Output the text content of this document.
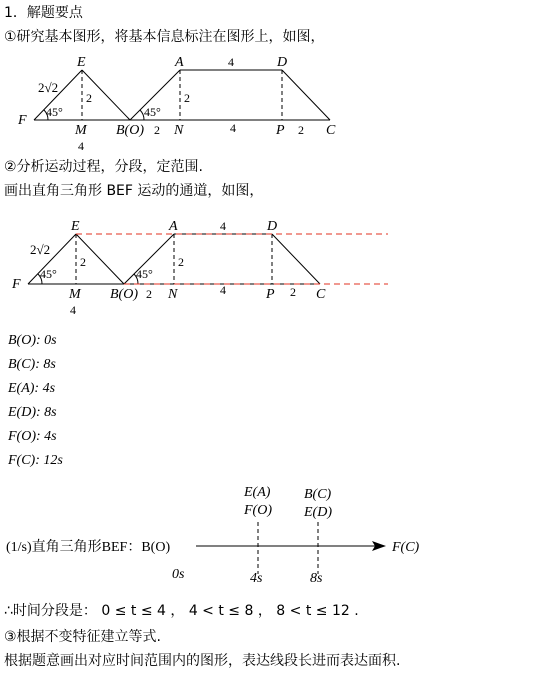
1．解题要点
①研究基本图形，将基本信息标注在图形上，如图，
F
E	A	D
M B(O) N	P	C
2√2
45°	45°
2	2
4
4
2	2
4
②分析运动过程，分段，定范围.
画出直角三角形 BEF 运动的通道，如图，
F
E	A	D
M B(O) N	P	C
2√2
45°	45°
2	2
4
4
2	2
4
B(O): 0s
B(C): 8s
E(A): 4s
E(D): 8s
F(O): 4s
F(C): 12s
(1/s)直角三角形BEF：B(O)	F(C)
E(A)
F(O)
B(C)
E(D)
0s	4s	8s
∴时间分段是： 0 ≤ t ≤ 4 ， 4 < t ≤ 8 ， 8 < t ≤ 12 .
③根据不变特征建立等式.
根据题意画出对应时间范围内的图形，表达线段长进而表达面积.
